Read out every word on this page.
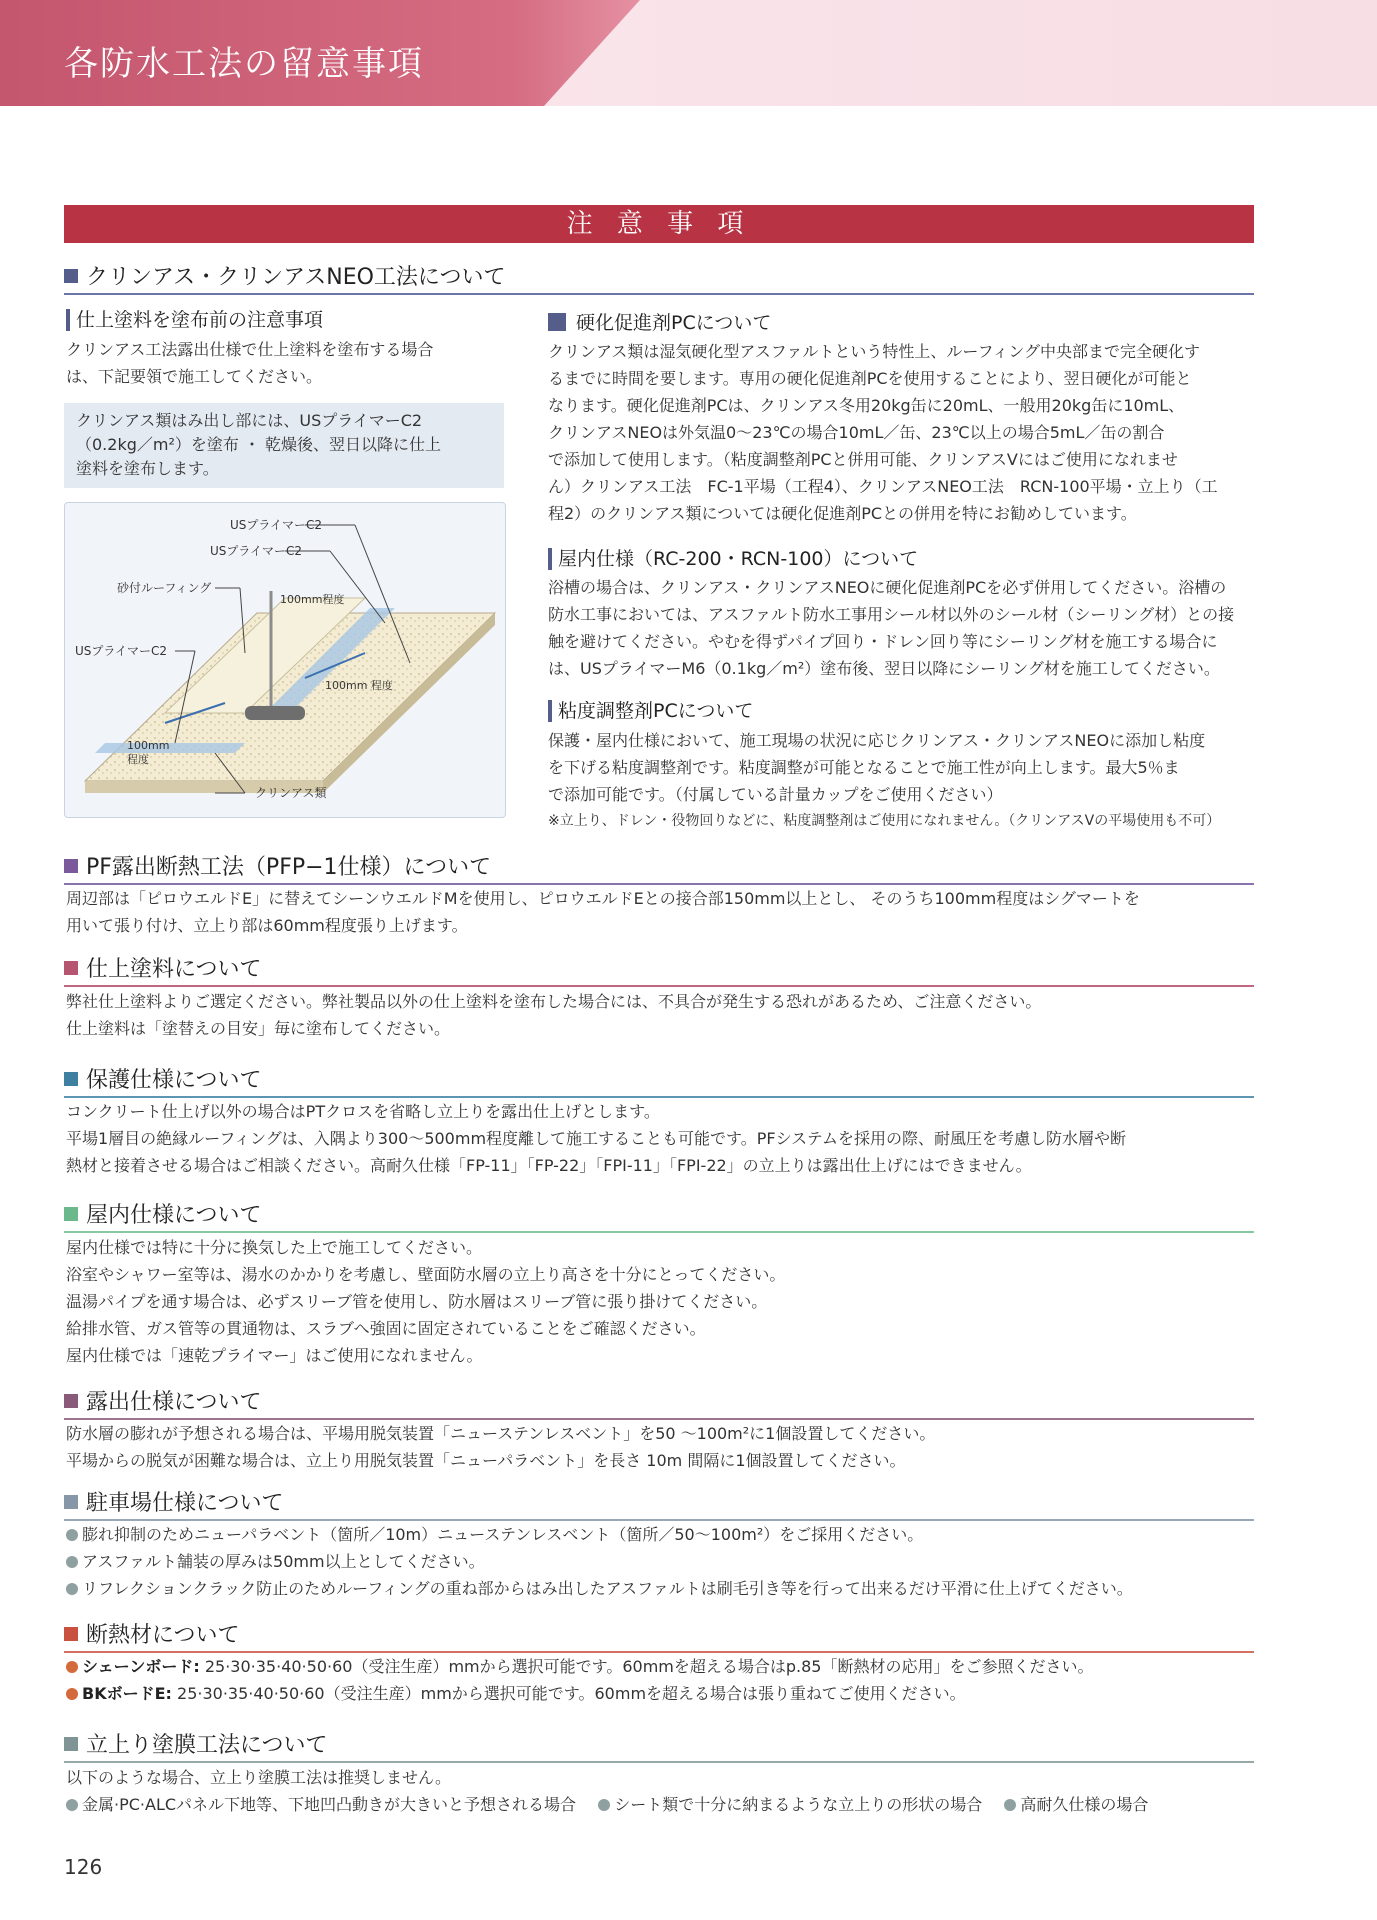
各防水工法の留意事項
注 意 事 項
クリンアス・クリンアスNEO工法について
仕上塗料を塗布前の注意事項

クリンアス工法露出仕様で仕上塗料を塗布する場合

は、下記要領で施工してください。

クリンアス類はみ出し部には、USプライマーC2
（0.2kg／m²）を塗布 ・ 乾燥後、翌日以降に仕上
塗料を塗布します。
USプライマーC2
USプライマーC2
砂付ルーフィング
100mm程度
USプライマーC2
100mm 程度
100mm
程度
クリンアス類
硬化促進剤PCについて

クリンアス類は湿気硬化型アスファルトという特性上、ルーフィング中央部まで完全硬化す

るまでに時間を要します。専用の硬化促進剤PCを使用することにより、翌日硬化が可能と

なります。硬化促進剤PCは、クリンアス冬用20kg缶に20mL、一般用20kg缶に10mL、

クリンアスNEOは外気温0～23℃の場合10mL／缶、23℃以上の場合5mL／缶の割合

で添加して使用します。（粘度調整剤PCと併用可能、クリンアスVにはご使用になれませ

ん）クリンアス工法　FC-1平場（工程4）、クリンアスNEO工法　RCN-100平場・立上り（工

程2）のクリンアス類については硬化促進剤PCとの併用を特にお勧めしています。

屋内仕様（RC-200・RCN-100）について

浴槽の場合は、クリンアス・クリンアスNEOに硬化促進剤PCを必ず併用してください。浴槽の

防水工事においては、アスファルト防水工事用シール材以外のシール材（シーリング材）との接

触を避けてください。やむを得ずパイプ回り・ドレン回り等にシーリング材を施工する場合に

は、USプライマーM6（0.1kg／m²）塗布後、翌日以降にシーリング材を施工してください。

粘度調整剤PCについて

保護・屋内仕様において、施工現場の状況に応じクリンアス・クリンアスNEOに添加し粘度

を下げる粘度調整剤です。粘度調整が可能となることで施工性が向上します。最大5％ま

で添加可能です。（付属している計量カップをご使用ください）

※立上り、ドレン・役物回りなどに、粘度調整剤はご使用になれません。（クリンアスVの平場使用も不可）

PF露出断熱工法（PFP−1仕様）について

周辺部は「ピロウエルドE」に替えてシーンウエルドMを使用し、ピロウエルドEとの接合部150mm以上とし、 そのうち100mm程度はシグマートを

用いて張り付け、立上り部は60mm程度張り上げます。

仕上塗料について

弊社仕上塗料よりご選定ください。弊社製品以外の仕上塗料を塗布した場合には、不具合が発生する恐れがあるため、ご注意ください。

仕上塗料は「塗替えの目安」毎に塗布してください。

保護仕様について

コンクリート仕上げ以外の場合はPTクロスを省略し立上りを露出仕上げとします。

平場1層目の絶縁ルーフィングは、入隅より300～500mm程度離して施工することも可能です。PFシステムを採用の際、耐風圧を考慮し防水層や断

熱材と接着させる場合はご相談ください。高耐久仕様「FP-11」「FP-22」「FPI-11」「FPI-22」の立上りは露出仕上げにはできません。

屋内仕様について

屋内仕様では特に十分に換気した上で施工してください。

浴室やシャワー室等は、湯水のかかりを考慮し、壁面防水層の立上り高さを十分にとってください。

温湯パイプを通す場合は、必ずスリーブ管を使用し、防水層はスリーブ管に張り掛けてください。

給排水管、ガス管等の貫通物は、スラブへ強固に固定されていることをご確認ください。

屋内仕様では「速乾プライマー」はご使用になれません。

露出仕様について

防水層の膨れが予想される場合は、平場用脱気装置「ニューステンレスベント」を50 ～100m²に1個設置してください。

平場からの脱気が困難な場合は、立上り用脱気装置「ニューパラベント」を長さ 10m 間隔に1個設置してください。

駐車場仕様について

膨れ抑制のためニューパラベント（箇所／10m）ニューステンレスベント（箇所／50～100m²）をご採用ください。

アスファルト舗装の厚みは50mm以上としてください。

リフレクションクラック防止のためルーフィングの重ね部からはみ出したアスファルトは刷毛引き等を行って出来るだけ平滑に仕上げてください。

断熱材について

シェーンボード: 25·30·35·40·50·60（受注生産）mmから選択可能です。60mmを超える場合はp.85「断熱材の応用」をご参照ください。

BKボードE: 25·30·35·40·50·60（受注生産）mmから選択可能です。60mmを超える場合は張り重ねてご使用ください。

立上り塗膜工法について

以下のような場合、立上り塗膜工法は推奨しません。

金属·PC·ALCパネル下地等、下地凹凸動きが大きいと予想される場合 シート類で十分に納まるような立上りの形状の場合 高耐久仕様の場合

126
